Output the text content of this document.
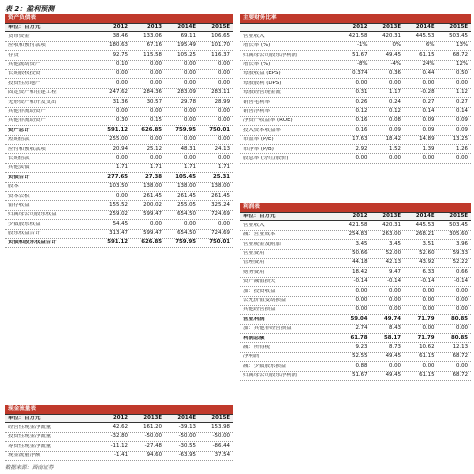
表 2：盈利预测
资产负债表
单位：百万元	2012	2013	2014E	2015E
货币资金	38.46	133.06	69.11	106.65
应收和预付款项	180.63	67.16	195.49	101.70
存货	92.75	115.58	105.25	116.37
其他流动资产	0.10	0.00	0.00	0.00
长期股权投资	0.00	0.00	0.00	0.00
投资性房地产	0.00	0.00	0.00	0.00
固定资产和在建工程	247.62	284.36	283.09	283.11
无形资产和开发支出	31.36	30.57	29.78	28.99
其他非流动资产	0.00	0.00	0.00	0.00
其他非流动资产	0.30	0.15	0.00	0.00
资产总计	591.12	626.85	759.95	750.01
短期借款	255.00	0.00	0.00	0.00
应付和预收款项	20.94	25.12	48.31	24.13
长期借款	0.00	0.00	0.00	0.00
其他负债	1.71	1.71	1.71	1.71
负债合计	277.65	27.38	105.45	25.31
股本	103.50	138.00	138.00	138.00
资本公积	0.00	261.45	261.45	261.45
留存收益	155.52	200.02	255.05	325.24
归属母公司股东权益	259.02	599.47	654.50	724.69
少数股东权益	54.45	0.00	0.00	0.00
股东权益合计	313.47	599.47	654.50	724.69
负债和股东权益合计	591.12	626.85	759.95	750.01
现金流量表
单位：百万元	2012	2013E	2014E	2015E
经营性现金净流量	42.62	161.20	-39.13	153.98
投资性现金净流量	-32.80	-50.00	-50.00	-50.00
筹资性现金净流量	-11.12	-27.48	-30.55	-86.44
现金流量净额	-1.41	94.60	-63.95	37.54
主要财务比率
2012	2013E	2014E	2015E
营业收入	421.58	420.31	445.53	503.45
增长率 (%)	-1%	0%	6%	13%
归属母公司股东净利润	51.67	49.45	61.15	68.72
增长率 (%)	-8%	-4%	24%	12%
每股收益 (EPS)	0.374	0.36	0.44	0.50
每股股利 (DPS)	0.00	0.00	0.00	0.00
每股经营现金流	0.31	1.17	-0.28	1.12
销售毛利率	0.26	0.24	0.27	0.27
销售净利率	0.12	0.12	0.14	0.14
净资产收益率 (ROE)	0.16	0.08	0.09	0.09
投入资本收益率	0.16	0.09	0.09	0.09
市盈率 (P/E)	17.63	18.42	14.89	13.25
市净率 (P/B)	2.92	1.52	1.39	1.26
股息率 (分红/股价)	0.00	0.00	0.00	0.00
利润表
单位：百万元	2012	2013E	2014E	2015E
营业收入	421.58	420.31	445.53	503.45
减：营业成本	254.83	263.00	268.21	305.60
营业税金及附加	3.45	3.45	3.51	3.96
营业费用	50.66	52.00	52.60	59.33
管理费用	44.18	42.13	43.92	52.22
财务费用	18.42	9.47	6.33	0.66
资产减值损失	-0.14	-0.14	-0.14	-0.14
加：投资收益	0.00	0.00	0.00	0.00
公允价值变动损益	0.00	0.00	0.00	0.00
其他经营损益	0.00	0.00	0.00	0.00
营业利润	59.04	49.74	71.79	80.85
加：其他非经营损益	2.74	8.43	0.00	0.00
利润总额	61.78	58.17	71.79	80.85
减：所得税	9.23	8.73	10.62	12.13
净利润	52.55	49.45	61.15	68.72
减：少数股东损益	0.88	0.00	0.00	0.00
归属母公司股东净利润	51.67	49.45	61.15	68.72
数据来源：西南证券
